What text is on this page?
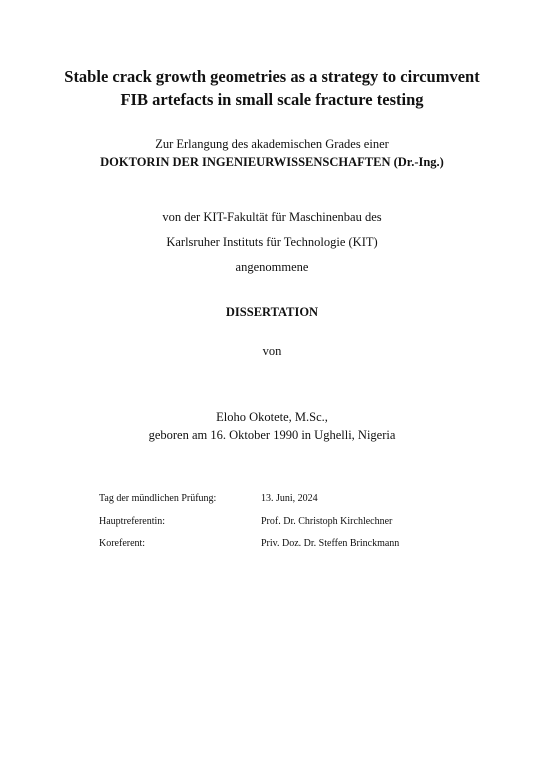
Stable crack growth geometries as a strategy to circumvent
FIB artefacts in small scale fracture testing
Zur Erlangung des akademischen Grades einer
DOKTORIN DER INGENIEURWISSENSCHAFTEN (Dr.-Ing.)
von der KIT-Fakultät für Maschinenbau des
Karlsruher Instituts für Technologie (KIT)
angenommene
DISSERTATION
von
Eloho Okotete, M.Sc.,
geboren am 16. Oktober 1990 in Ughelli, Nigeria
Tag der mündlichen Prüfung:	13. Juni, 2024
Hauptreferentin:	Prof. Dr. Christoph Kirchlechner
Koreferent:	Priv. Doz. Dr. Steffen Brinckmann
